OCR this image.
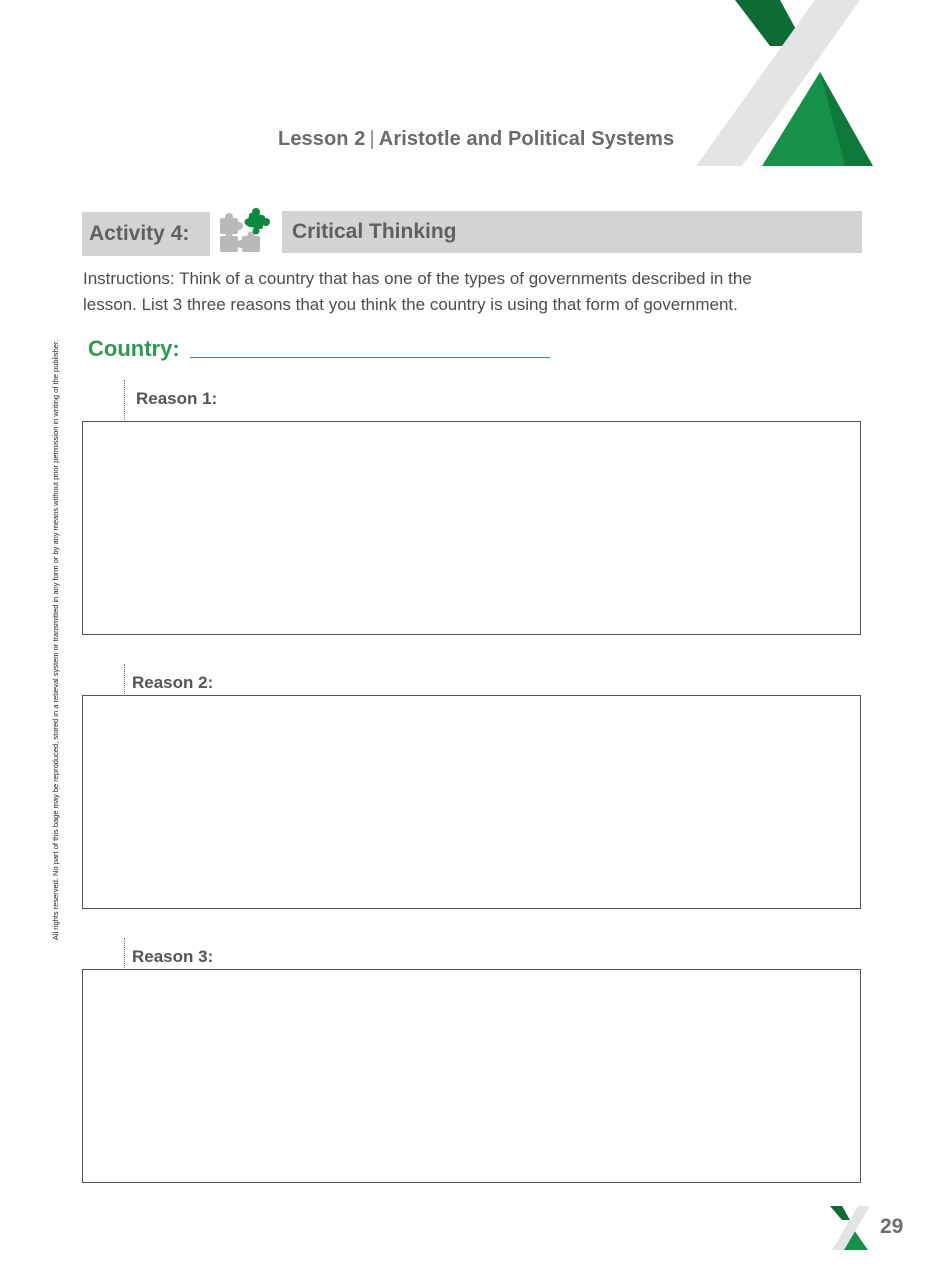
Lesson 2 | Aristotle and Political Systems
Activity 4:	Critical Thinking
Instructions: Think of a country that has one of the types of governments described in the
lesson. List 3 three reasons that you think the country is using that form of government.
Country:
Reason 1:
Reason 2:
Reason 3:
All rights reserved. No part of this bage may be reproduced, stored in a retieval system or transmitted in any form or by any means without prior permission in writing of the publisher.
29
